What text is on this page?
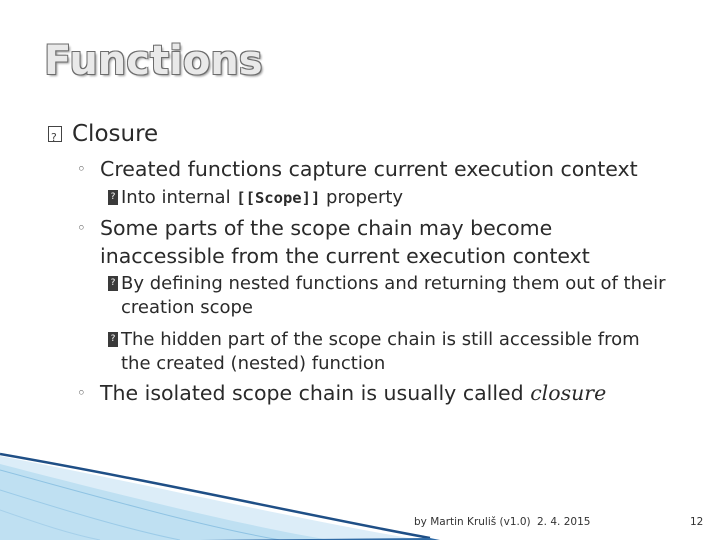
Functions
?Closure
◦ Created functions capture current execution context
? Into internal [[Scope]] property
◦ Some parts of the scope chain may become inaccessible from the current execution context
? By defining nested functions and returning them out of their creation scope
? The hidden part of the scope chain is still accessible from the created (nested) function
◦ The isolated scope chain is usually called closure
by Martin Kruliš (v1.0) 2. 4. 2015	12
